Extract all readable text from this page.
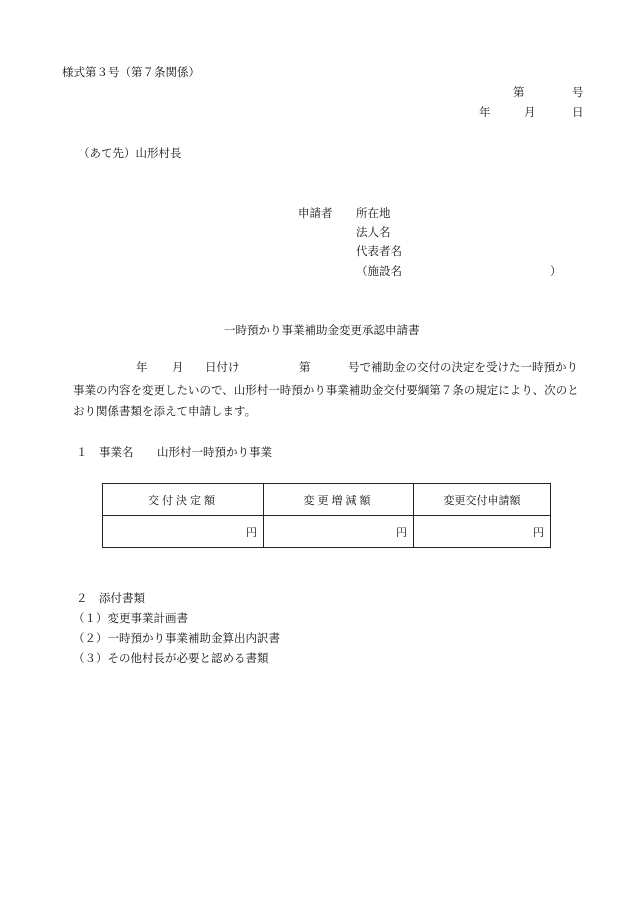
様式第３号（第７条関係）
第	号
年	月	日
（あて先）山形村長
申請者 所在地
法人名
代表者名
（施設名	）
一時預かり事業補助金変更承認申請書
年 月 日付け	第	号で補助金の交付の決定を受けた一時預かり
事業の内容を変更したいので、山形村一時預かり事業補助金交付要綱第７条の規定により、次のと
おり関係書類を添えて申請します。
１ 事業名 山形村一時預かり事業
交付決定額	変更増減額	変更交付申請額
円	円	円
２ 添付書類
（１）変更事業計画書
（２）一時預かり事業補助金算出内訳書
（３）その他村長が必要と認める書類
